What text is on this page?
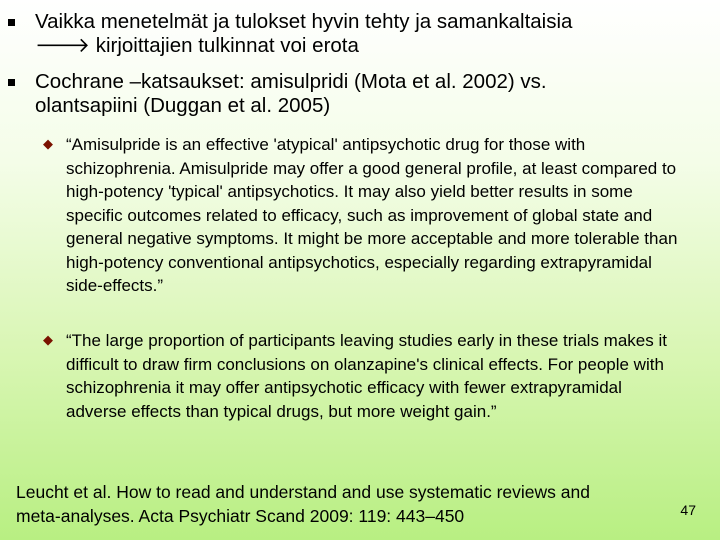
Vaikka menetelmät ja tulokset hyvin tehty ja samankaltaisia
🡒 kirjoittajien tulkinnat voi erota
Cochrane –katsaukset: amisulpridi (Mota et al. 2002) vs.
olantsapiini (Duggan et al. 2005)
◆ “Amisulpride is an effective 'atypical' antipsychotic drug for those with schizophrenia. Amisulpride may offer a good general profile, at least compared to high-potency 'typical' antipsychotics. It may also yield better results in some specific outcomes related to efficacy, such as improvement of global state and general negative symptoms. It might be more acceptable and more tolerable than high-potency conventional antipsychotics, especially regarding extrapyramidal side-effects.”
◆ “The large proportion of participants leaving studies early in these trials makes it difficult to draw firm conclusions on olanzapine's clinical effects. For people with schizophrenia it may offer antipsychotic efficacy with fewer extrapyramidal adverse effects than typical drugs, but more weight gain.”
Leucht et al. How to read and understand and use systematic reviews and
meta-analyses. Acta Psychiatr Scand 2009: 119: 443–450	47
